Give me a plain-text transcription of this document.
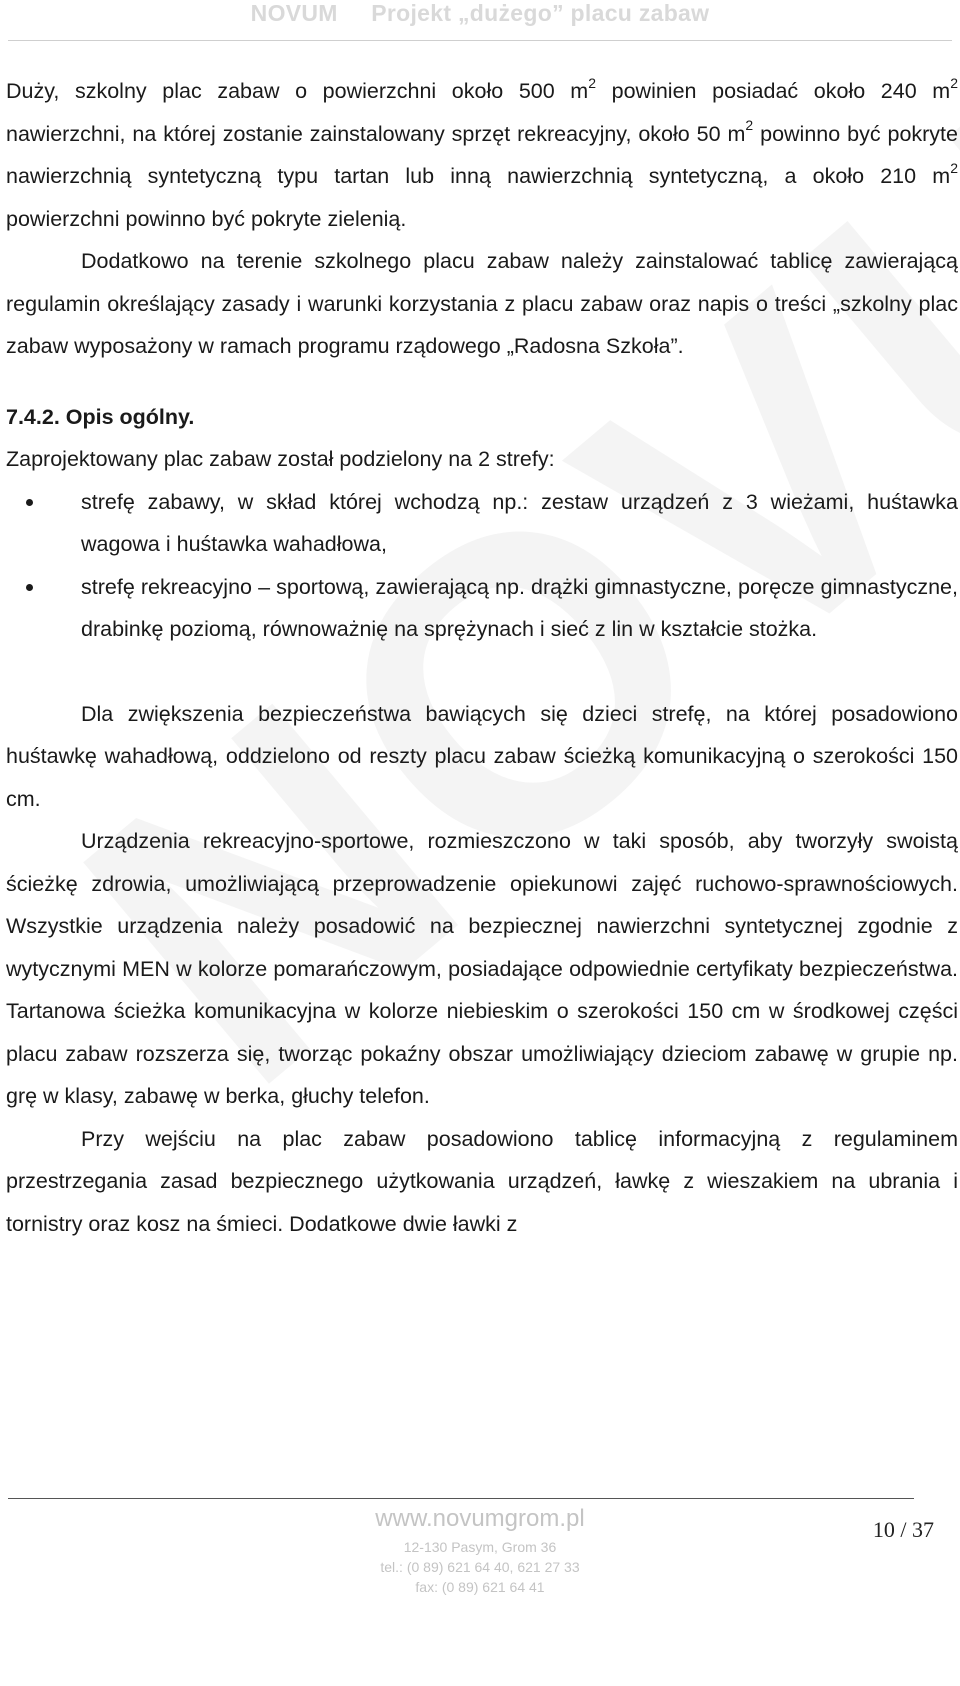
NOVUM     Projekt „dużego” placu zabaw

Duży, szkolny plac zabaw o powierzchni około 500 $m^2$ powinien posiadać około 240 $m^2$ nawierzchni, na której zostanie zainstalowany sprzęt rekreacyjny, około 50 $m^2$ powinno być pokryte nawierzchnią syntetyczną typu tartan lub inną nawierzchnią syntetyczną, a około 210 $m^2$ powierzchni powinno być pokryte zielenią.

Dodatkowo na terenie szkolnego placu zabaw należy zainstalować tablicę zawierającą regulamin określający zasady i warunki korzystania z placu zabaw oraz napis o treści „szkolny plac zabaw wyposażony w ramach programu rządowego „Radosna Szkoła”.

7.4.2. Opis ogólny.

Zaprojektowany plac zabaw został podzielony na 2 strefy:

strefę zabawy, w skład której wchodzą np.: zestaw urządzeń z 3 wieżami, huśtawka wagowa i huśtawka wahadłowa,
strefę rekreacyjno – sportową, zawierającą np. drążki gimnastyczne, poręcze gimnastyczne, drabinkę poziomą, równoważnię na sprężynach i sieć z lin w kształcie stożka.

Dla zwiększenia bezpieczeństwa bawiących się dzieci strefę, na której posadowiono huśtawkę wahadłową, oddzielono od reszty placu zabaw ścieżką komunikacyjną o szerokości 150 cm.

Urządzenia rekreacyjno-sportowe, rozmieszczono w taki sposób, aby tworzyły swoistą ścieżkę zdrowia, umożliwiającą przeprowadzenie opiekunowi zajęć ruchowo-sprawnościowych. Wszystkie urządzenia należy posadowić na bezpiecznej nawierzchni syntetycznej zgodnie z wytycznymi MEN w kolorze pomarańczowym, posiadające odpowiednie certyfikaty bezpieczeństwa. Tartanowa ścieżka komunikacyjna w kolorze niebieskim o szerokości 150 cm w środkowej części placu zabaw rozszerza się, tworząc pokaźny obszar umożliwiający dzieciom zabawę w grupie np. grę w klasy, zabawę w berka, głuchy telefon.

Przy wejściu na plac zabaw posadowiono tablicę informacyjną z regulaminem przestrzegania zasad bezpiecznego użytkowania urządzeń, ławkę z wieszakiem na ubrania i tornistry oraz kosz na śmieci. Dodatkowe dwie ławki z

www.novumgrom.pl
12-130 Pasym, Grom 36
tel.: (0 89) 621 64 40, 621 27 33
fax: (0 89) 621 64 41
10 / 37
